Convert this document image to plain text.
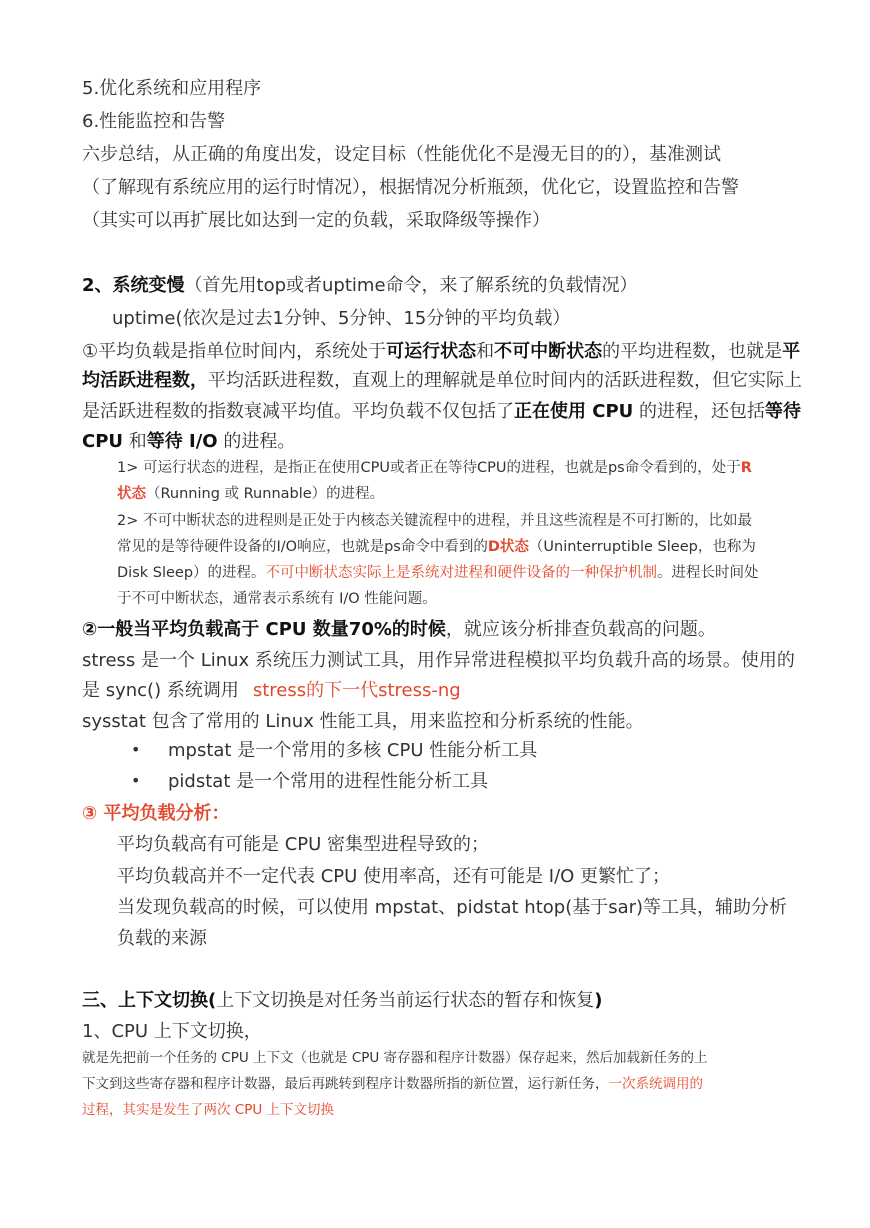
5.优化系统和应用程序
6.性能监控和告警
六步总结，从正确的角度出发，设定目标（性能优化不是漫无目的的），基准测试
（了解现有系统应用的运行时情况），根据情况分析瓶颈，优化它，设置监控和告警
（其实可以再扩展比如达到一定的负载，采取降级等操作）
2、系统变慢（首先用top或者uptime命令，来了解系统的负载情况）
uptime(依次是过去1分钟、5分钟、15分钟的平均负载）
①平均负载是指单位时间内，系统处于可运行状态和不可中断状态的平均进程数，也就是平
均活跃进程数，平均活跃进程数，直观上的理解就是单位时间内的活跃进程数，但它实际上
是活跃进程数的指数衰减平均值。平均负载不仅包括了正在使用 CPU 的进程，还包括等待
CPU 和等待 I/O 的进程。
1> 可运行状态的进程，是指正在使用CPU或者正在等待CPU的进程，也就是ps命令看到的，处于R
状态（Running 或 Runnable）的进程。
2> 不可中断状态的进程则是正处于内核态关键流程中的进程，并且这些流程是不可打断的，比如最
常见的是等待硬件设备的I/O响应，也就是ps命令中看到的D状态（Uninterruptible Sleep，也称为
Disk Sleep）的进程。不可中断状态实际上是系统对进程和硬件设备的一种保护机制。进程长时间处
于不可中断状态，通常表示系统有 I/O 性能问题。
②一般当平均负载高于 CPU 数量70%的时候，就应该分析排查负载高的问题。
stress 是一个 Linux 系统压力测试工具，用作异常进程模拟平均负载升高的场景。使用的
是 sync() 系统调用 stress的下一代stress-ng
sysstat 包含了常用的 Linux 性能工具，用来监控和分析系统的性能。
• mpstat 是一个常用的多核 CPU 性能分析工具
• pidstat 是一个常用的进程性能分析工具
③ 平均负载分析：
平均负载高有可能是 CPU 密集型进程导致的；
平均负载高并不一定代表 CPU 使用率高，还有可能是 I/O 更繁忙了；
当发现负载高的时候，可以使用 mpstat、pidstat htop(基于sar)等工具，辅助分析
负载的来源
三、上下文切换(上下文切换是对任务当前运行状态的暂存和恢复)
1、CPU 上下文切换，
就是先把前一个任务的 CPU 上下文（也就是 CPU 寄存器和程序计数器）保存起来，然后加载新任务的上
下文到这些寄存器和程序计数器，最后再跳转到程序计数器所指的新位置，运行新任务，一次系统调用的
过程，其实是发生了两次 CPU 上下文切换
